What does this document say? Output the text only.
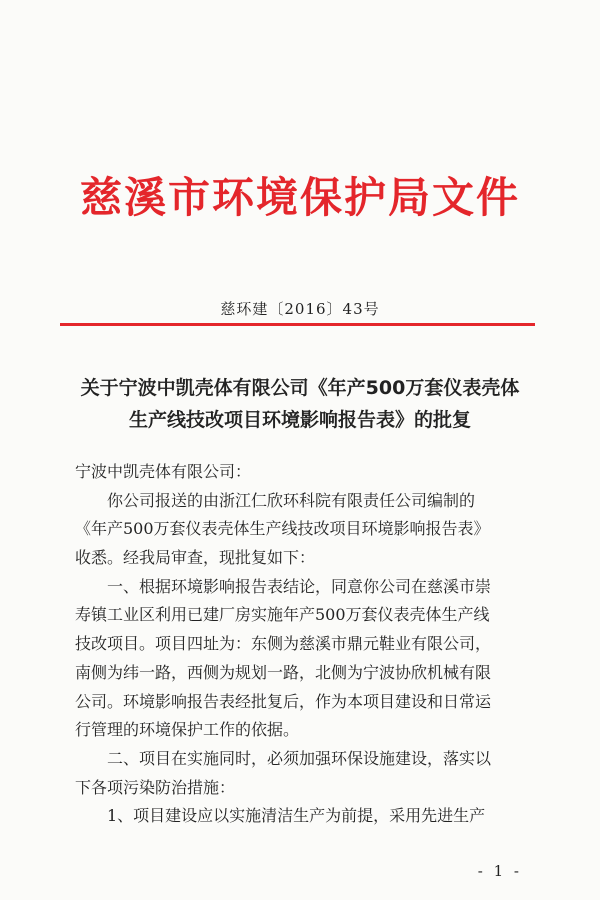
慈溪市环境保护局文件
慈环建〔2016〕43号
关于宁波中凯壳体有限公司《年产500万套仪表壳体
生产线技改项目环境影响报告表》的批复
宁波中凯壳体有限公司：
你公司报送的由浙江仁欣环科院有限责任公司编制的
《年产500万套仪表壳体生产线技改项目环境影响报告表》
收悉。经我局审查，现批复如下：
一、根据环境影响报告表结论，同意你公司在慈溪市崇
寿镇工业区利用已建厂房实施年产500万套仪表壳体生产线
技改项目。项目四址为：东侧为慈溪市鼎元鞋业有限公司，
南侧为纬一路，西侧为规划一路，北侧为宁波协欣机械有限
公司。环境影响报告表经批复后，作为本项目建设和日常运
行管理的环境保护工作的依据。
二、项目在实施同时，必须加强环保设施建设，落实以
下各项污染防治措施：
1、项目建设应以实施清洁生产为前提，采用先进生产
- 1 -
